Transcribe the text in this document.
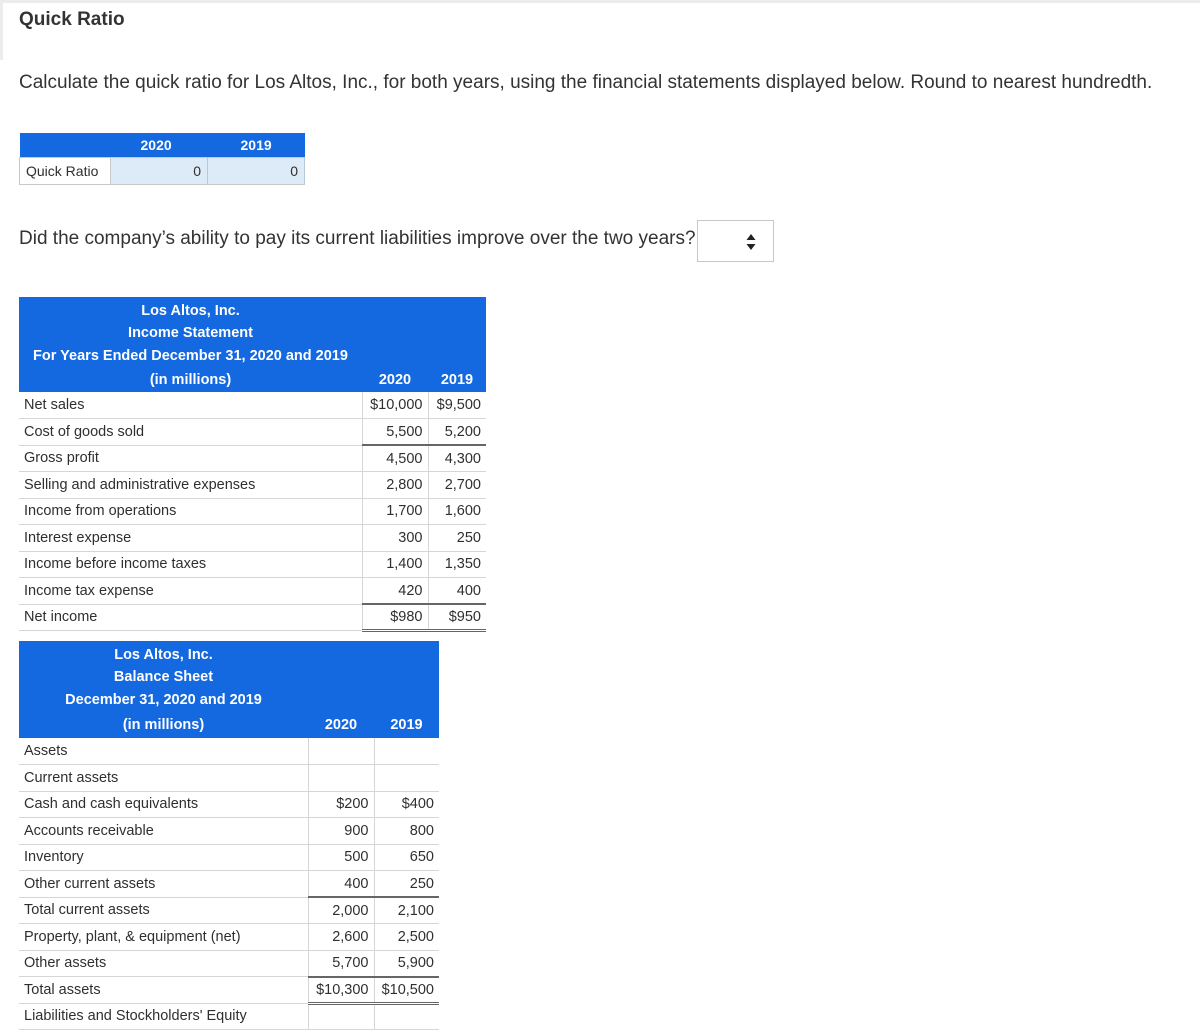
Quick Ratio
Calculate the quick ratio for Los Altos, Inc., for both years, using the financial statements displayed below. Round to nearest hundredth.
	2020	2019
Quick Ratio	0	0
Did the company’s ability to pay its current liabilities improve over the two years?
Los Altos, Inc.		
Income Statement		
For Years Ended December 31, 2020 and 2019		
(in millions)	2020	2019
Net sales	$10,000	$9,500
Cost of goods sold	5,500	5,200
Gross profit	4,500	4,300
Selling and administrative expenses	2,800	2,700
Income from operations	1,700	1,600
Interest expense	300	250
Income before income taxes	1,400	1,350
Income tax expense	420	400
Net income	$980	$950
Los Altos, Inc.		
Balance Sheet		
December 31, 2020 and 2019		
(in millions)	2020	2019
Assets		
Current assets		
Cash and cash equivalents	$200	$400
Accounts receivable	900	800
Inventory	500	650
Other current assets	400	250
Total current assets	2,000	2,100
Property, plant, & equipment (net)	2,600	2,500
Other assets	5,700	5,900
Total assets	$10,300	$10,500
Liabilities and Stockholders' Equity		
